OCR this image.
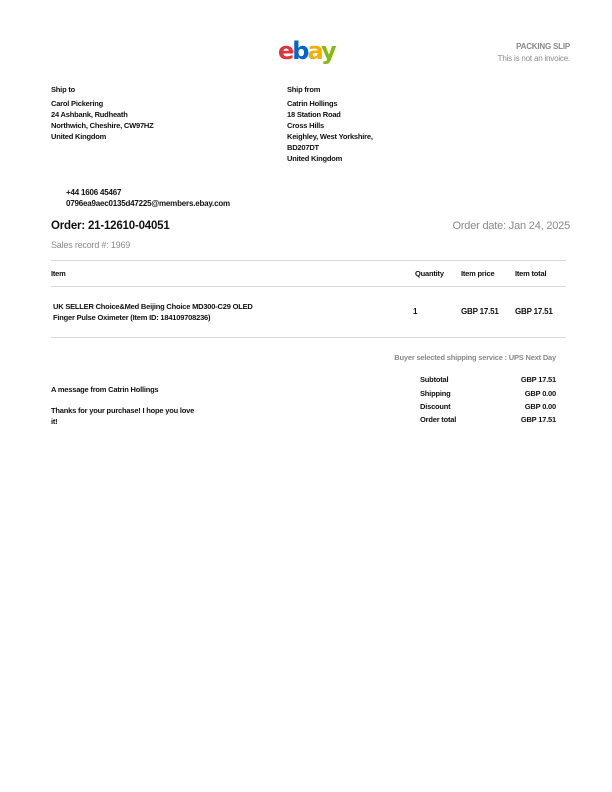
ebay	PACKING SLIP
This is not an invoice.
Ship to
Carol Pickering
24 Ashbank, Rudheath
Northwich, Cheshire, CW97HZ
United Kingdom
Ship from
Catrin Hollings
18 Station Road
Cross Hills
Keighley, West Yorkshire,
BD207DT
United Kingdom
+44 1606 45467
0796ea9aec0135d47225@members.ebay.com
Order: 21-12610-04051	Order date: Jan 24, 2025
Sales record #: 1969
Item	Quantity Item price	Item total
UK SELLER Choice&Med Beijing Choice MD300-C29 OLED
Finger Pulse Oximeter (Item ID: 184109708236)
1	GBP 17.51 GBP 17.51
Buyer selected shipping service : UPS Next Day
A message from Catrin Hollings
Thanks for your purchase! I hope you love it!
Subtotal	GBP 17.51
Shipping	GBP 0.00
Discount	GBP 0.00
Order total	GBP 17.51
